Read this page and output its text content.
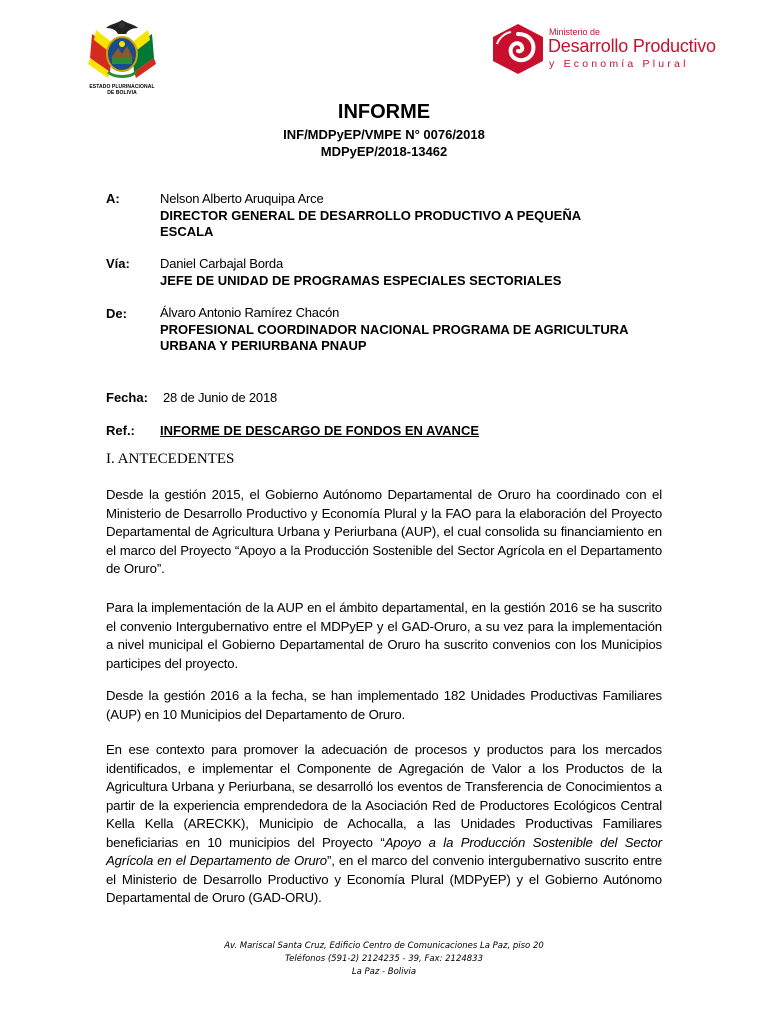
ESTADO PLURINACIONAL
DE BOLIVIA
Ministerio de
Desarrollo Productivo
y Economía Plural
INFORME
INF/MDPyEP/VMPE N° 0076/2018
MDPyEP/2018-13462
A:	Nelson Alberto Aruquipa Arce
DIRECTOR GENERAL DE DESARROLLO PRODUCTIVO A PEQUEÑA
ESCALA
Vía: Daniel Carbajal Borda
JEFE DE UNIDAD DE PROGRAMAS ESPECIALES SECTORIALES
De:	Álvaro Antonio Ramírez Chacón
PROFESIONAL COORDINADOR NACIONAL PROGRAMA DE AGRICULTURA
URBANA Y PERIURBANA PNAUP
Fecha: 28 de Junio de 2018
Ref.: INFORME DE DESCARGO DE FONDOS EN AVANCE
I. ANTECEDENTES
Desde la gestión 2015, el Gobierno Autónomo Departamental de Oruro ha coordinado con el Ministerio de Desarrollo Productivo y Economía Plural y la FAO para la elaboración del Proyecto Departamental de Agricultura Urbana y Periurbana (AUP), el cual consolida su financiamiento en el marco del Proyecto “Apoyo a la Producción Sostenible del Sector Agrícola en el Departamento de Oruro”.
Para la implementación de la AUP en el ámbito departamental, en la gestión 2016 se ha suscrito el convenio Intergubernativo entre el MDPyEP y el GAD-Oruro, a su vez para la implementación a nivel municipal el Gobierno Departamental de Oruro ha suscrito convenios con los Municipios participes del proyecto.
Desde la gestión 2016 a la fecha, se han implementado 182 Unidades Productivas Familiares (AUP) en 10 Municipios del Departamento de Oruro.
En ese contexto para promover la adecuación de procesos y productos para los mercados identificados, e implementar el Componente de Agregación de Valor a los Productos de la Agricultura Urbana y Periurbana, se desarrolló los eventos de Transferencia de Conocimientos a partir de la experiencia emprendedora de la Asociación Red de Productores Ecológicos Central Kella Kella (ARECKK), Municipio de Achocalla, a las Unidades Productivas Familiares beneficiarias en 10 municipios del Proyecto “Apoyo a la Producción Sostenible del Sector Agrícola en el Departamento de Oruro”, en el marco del convenio intergubernativo suscrito entre el Ministerio de Desarrollo Productivo y Economía Plural (MDPyEP) y el Gobierno Autónomo Departamental de Oruro (GAD-ORU).
Av. Mariscal Santa Cruz, Edificio Centro de Comunicaciones La Paz, piso 20
Teléfonos (591-2) 2124235 - 39, Fax: 2124833
La Paz - Bolivia
